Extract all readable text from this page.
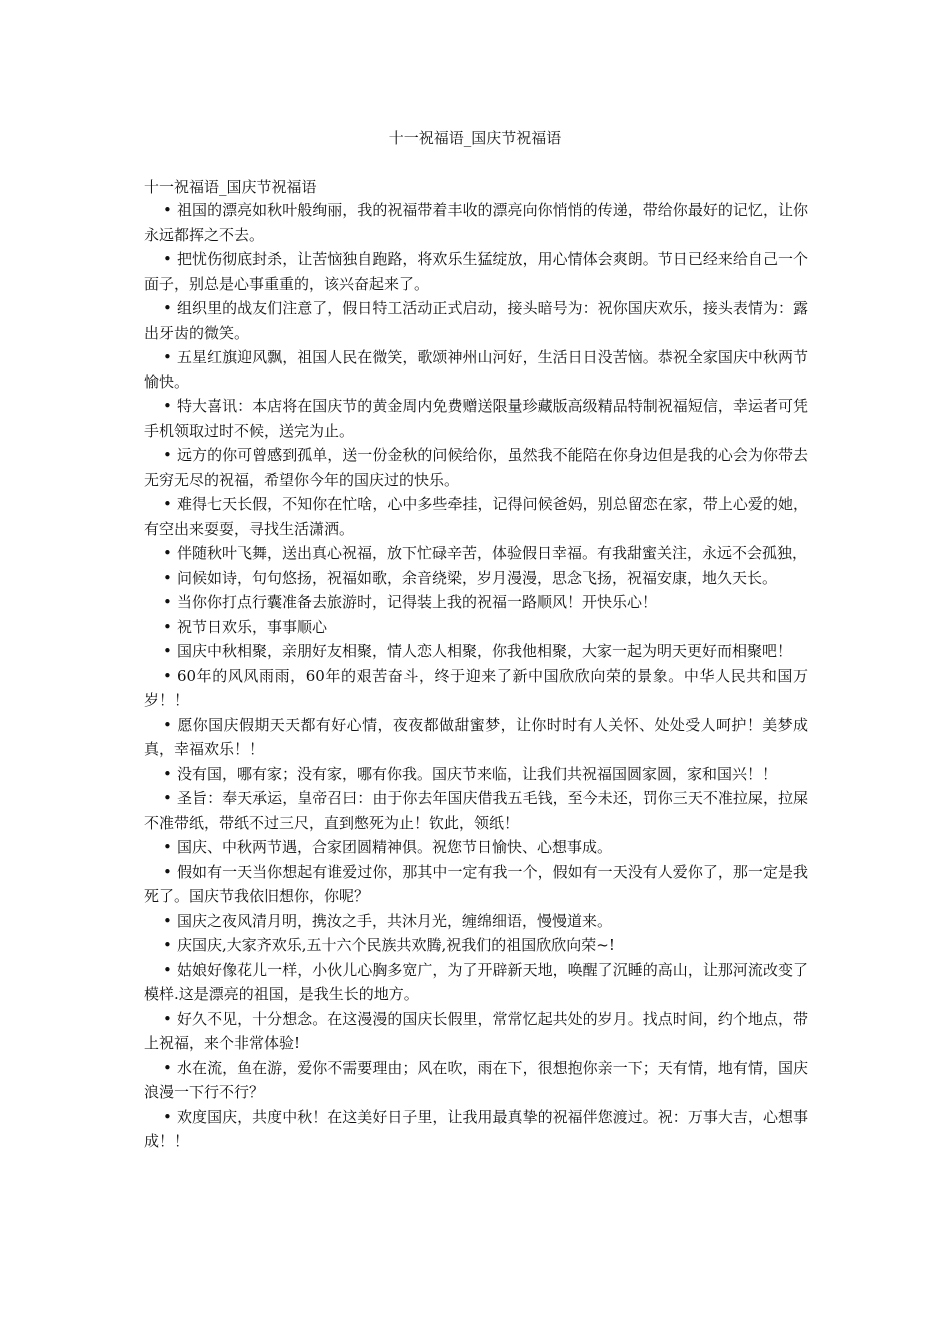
十一祝福语_国庆节祝福语

十一祝福语_国庆节祝福语

• 祖国的漂亮如秋叶般绚丽，我的祝福带着丰收的漂亮向你悄悄的传递，带给你最好的记忆，让你永远都挥之不去。

• 把忧伤彻底封杀，让苦恼独自跑路，将欢乐生猛绽放，用心情体会爽朗。节日已经来给自己一个面子，别总是心事重重的，该兴奋起来了。

• 组织里的战友们注意了，假日特工活动正式启动，接头暗号为：祝你国庆欢乐，接头表情为：露出牙齿的微笑。

• 五星红旗迎风飘，祖国人民在微笑，歌颂神州山河好，生活日日没苦恼。恭祝全家国庆中秋两节愉快。

• 特大喜讯：本店将在国庆节的黄金周内免费赠送限量珍藏版高级精品特制祝福短信，幸运者可凭手机领取过时不候，送完为止。

• 远方的你可曾感到孤单，送一份金秋的问候给你，虽然我不能陪在你身边但是我的心会为你带去无穷无尽的祝福，希望你今年的国庆过的快乐。

• 难得七天长假，不知你在忙啥，心中多些牵挂，记得问候爸妈，别总留恋在家，带上心爱的她，有空出来耍耍，寻找生活潇洒。

• 伴随秋叶飞舞，送出真心祝福，放下忙碌辛苦，体验假日幸福。有我甜蜜关注，永远不会孤独，

• 问候如诗，句句悠扬，祝福如歌，余音绕梁，岁月漫漫，思念飞扬，祝福安康，地久天长。

• 当你你打点行囊准备去旅游时，记得装上我的祝福一路顺风！开快乐心！

• 祝节日欢乐，事事顺心

• 国庆中秋相聚，亲朋好友相聚，情人恋人相聚，你我他相聚，大家一起为明天更好而相聚吧！

• 60年的风风雨雨，60年的艰苦奋斗，终于迎来了新中国欣欣向荣的景象。中华人民共和国万岁！！

• 愿你国庆假期天天都有好心情，夜夜都做甜蜜梦，让你时时有人关怀、处处受人呵护！美梦成真，幸福欢乐！！

• 没有国，哪有家；没有家，哪有你我。国庆节来临，让我们共祝福国圆家圆，家和国兴！！

• 圣旨：奉天承运，皇帝召曰：由于你去年国庆借我五毛钱，至今未还，罚你三天不准拉屎，拉屎不准带纸，带纸不过三尺，直到憋死为止！钦此，领纸！

• 国庆、中秋两节遇，合家团圆精神俱。祝您节日愉快、心想事成。

• 假如有一天当你想起有谁爱过你，那其中一定有我一个，假如有一天没有人爱你了，那一定是我死了。国庆节我依旧想你，你呢？

• 国庆之夜风清月明，携汝之手，共沐月光，缠绵细语，慢慢道来。

• 庆国庆,大家齐欢乐,五十六个民族共欢腾,祝我们的祖国欣欣向荣~!

• 姑娘好像花儿一样，小伙儿心胸多宽广，为了开辟新天地，唤醒了沉睡的高山，让那河流改变了模样.这是漂亮的祖国，是我生长的地方。

• 好久不见，十分想念。在这漫漫的国庆长假里，常常忆起共处的岁月。找点时间，约个地点，带上祝福，来个非常体验!

• 水在流，鱼在游，爱你不需要理由；风在吹，雨在下，很想抱你亲一下；天有情，地有情，国庆浪漫一下行不行？

• 欢度国庆，共度中秋！在这美好日子里，让我用最真挚的祝福伴您渡过。祝：万事大吉，心想事成！！
